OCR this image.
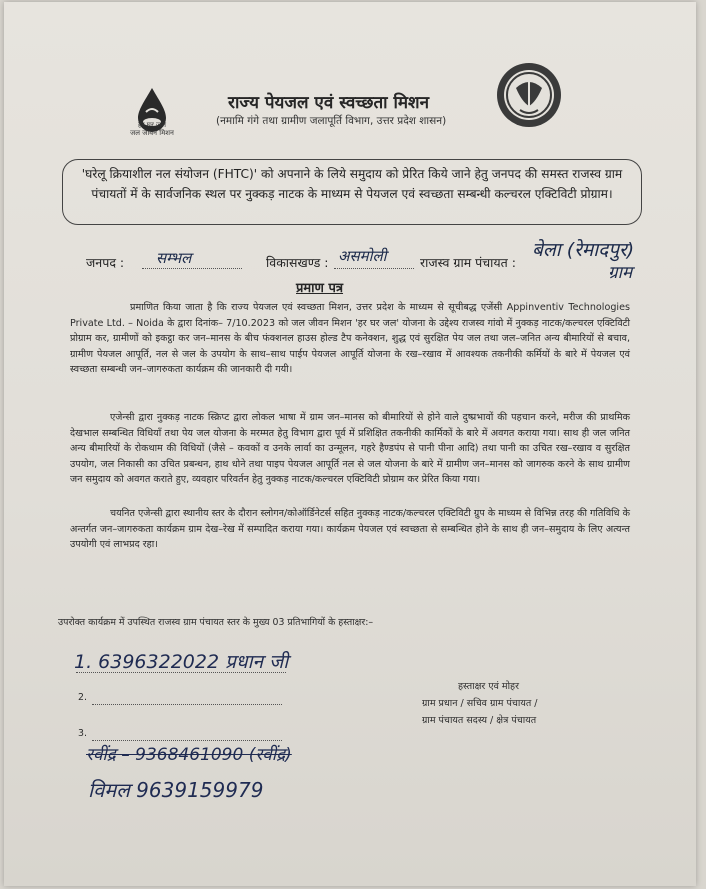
हर घर जल
जल जीवन मिशन
राज्य पेयजल एवं स्वच्छता मिशन
(नमामि गंगे तथा ग्रामीण जलापूर्ति विभाग, उत्तर प्रदेश शासन)
'घरेलू क्रियाशील नल संयोजन (FHTC)' को अपनाने के लिये समुदाय को प्रेरित किये जाने हेतु जनपद की समस्त राजस्व ग्राम पंचायतों में के सार्वजनिक स्थल पर नुक्कड़ नाटक के माध्यम से पेयजल एवं स्वच्छता सम्बन्धी कल्चरल एक्टिविटी प्रोग्राम।
जनपद : सम्भल	विकासखण्ड : असमोली	राजस्व ग्राम पंचायत :
बेला (रेमादपुर)
ग्राम
प्रमाण पत्र
प्रमाणित किया जाता है कि राज्य पेयजल एवं स्वच्छता मिशन, उत्तर प्रदेश के माध्यम से सूचीबद्ध एजेंसी Appinventiv Technologies Private Ltd. – Noida के द्वारा दिनांक– 7/10.2023 को जल जीवन मिशन 'हर घर जल' योजना के उद्देश्य राजस्व गांवो में नुक्कड़ नाटक/कल्चरल एक्टिविटी प्रोग्राम कर, ग्रामीणों को इकट्ठा कर जन–मानस के बीच फंक्शनल हाउस होल्ड टैप कनेक्शन, शुद्ध एवं सुरक्षित पेय जल तथा जल–जनित अन्य बीमारियों से बचाव, ग्रामीण पेयजल आपूर्ति, नल से जल के उपयोग के साथ–साथ पाईप पेयजल आपूर्ति योजना के रख–रखाव में आवश्यक तकनीकी कर्मियों के बारे में पेयजल एवं स्वच्छता सम्बन्धी जन–जागरुकता कार्यक्रम की जानकारी दी गयी।
एजेन्सी द्वारा नुक्कड़ नाटक स्क्रिप्ट द्वारा लोकल भाषा में ग्राम जन–मानस को बीमारियों से होने वाले दुष्प्रभावों की पहचान करने, मरीज की प्राथमिक देखभाल सम्बन्धित विधियाँ तथा पेय जल योजना के मरम्मत हेतु विभाग द्वारा पूर्व में प्रशिक्षित तकनीकी कार्मिकों के बारे में अवगत कराया गया। साथ ही जल जनित अन्य बीमारियों के रोकथाम की विधियों (जैसे – कवकों व उनके लार्वा का उन्मूलन, गहरे हैण्डपंप से पानी पीना आदि) तथा पानी का उचित रख–रखाव व सुरक्षित उपयोग, जल निकासी का उचित प्रबन्धन, हाथ धोने तथा पाइप पेयजल आपूर्ति नल से जल योजना के बारे में ग्रामीण जन–मानस को जागरुक करने के साथ ग्रामीण जन समुदाय को अवगत कराते हुए, व्यवहार परिवर्तन हेतु नुक्कड़ नाटक/कल्चरल एक्टिविटी प्रोग्राम कर प्रेरित किया गया।
चयनित एजेन्सी द्वारा स्थानीय स्तर के दौरान स्लोगन/कोऑर्डिनेटर्स सहित नुक्कड़ नाटक/कल्चरल एक्टिविटी ग्रुप के माध्यम से विभिन्न तरह की गतिविधि के अन्तर्गत जन–जागरुकता कार्यक्रम ग्राम देख–रेख में सम्पादित कराया गया। कार्यक्रम पेयजल एवं स्वच्छता से सम्बन्धित होने के साथ ही जन–समुदाय के लिए अत्यन्त उपयोगी एवं लाभप्रद रहा।
उपरोक्त कार्यक्रम में उपस्थित राजस्व ग्राम पंचायत स्तर के मुख्य 03 प्रतिभागियों के हस्ताक्षर:–
1. 6396322022 प्रधान जी
2.
3.
रवींद्र – 9368461090 (रवींद्र)
विमल 9639159979
हस्ताक्षर एवं मोहर
ग्राम प्रधान / सचिव ग्राम पंचायत /
ग्राम पंचायत सदस्य / क्षेत्र पंचायत
